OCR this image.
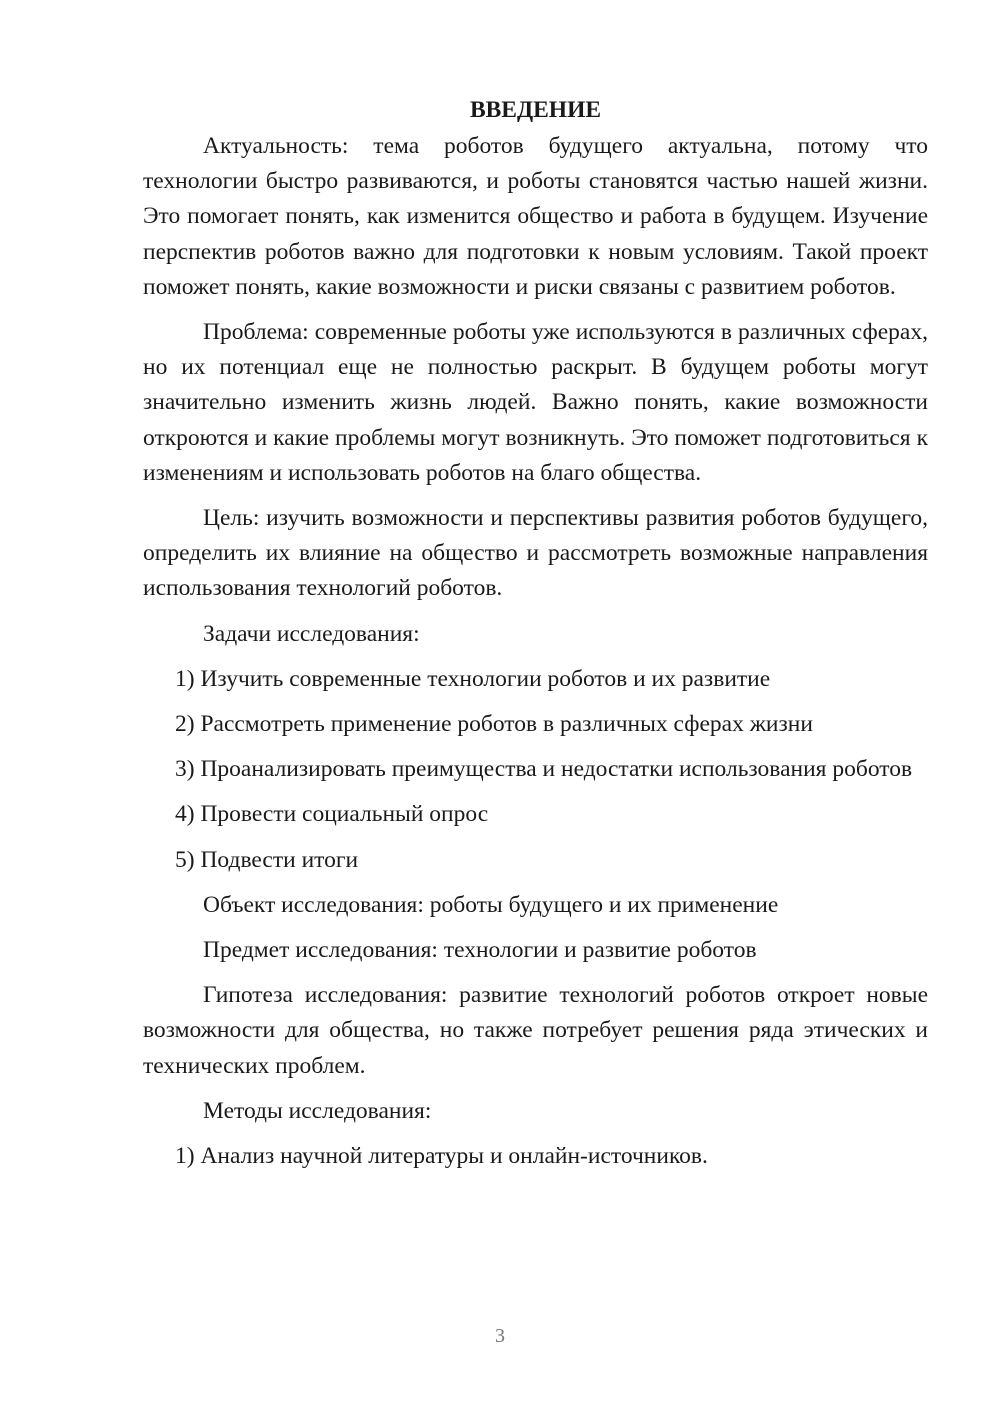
ВВЕДЕНИЕ

Актуальность: тема роботов будущего актуальна, потому что технологии быстро развиваются, и роботы становятся частью нашей жизни. Это помогает понять, как изменится общество и работа в будущем. Изучение перспектив роботов важно для подготовки к новым условиям. Такой проект поможет понять, какие возможности и риски связаны с развитием роботов.

Проблема: современные роботы уже используются в различных сферах, но их потенциал еще не полностью раскрыт. В будущем роботы могут значительно изменить жизнь людей. Важно понять, какие возможности откроются и какие проблемы могут возникнуть. Это поможет подготовиться к изменениям и использовать роботов на благо общества.

Цель: изучить возможности и перспективы развития роботов будущего, определить их влияние на общество и рассмотреть возможные направления использования технологий роботов.

Задачи исследования:

1) Изучить современные технологии роботов и их развитие

2) Рассмотреть применение роботов в различных сферах жизни

3) Проанализировать преимущества и недостатки использования роботов

4) Провести социальный опрос

5) Подвести итоги

Объект исследования: роботы будущего и их применение

Предмет исследования: технологии и развитие роботов

Гипотеза исследования: развитие технологий роботов откроет новые возможности для общества, но также потребует решения ряда этических и технических проблем.

Методы исследования:

1) Анализ научной литературы и онлайн-источников.

3
